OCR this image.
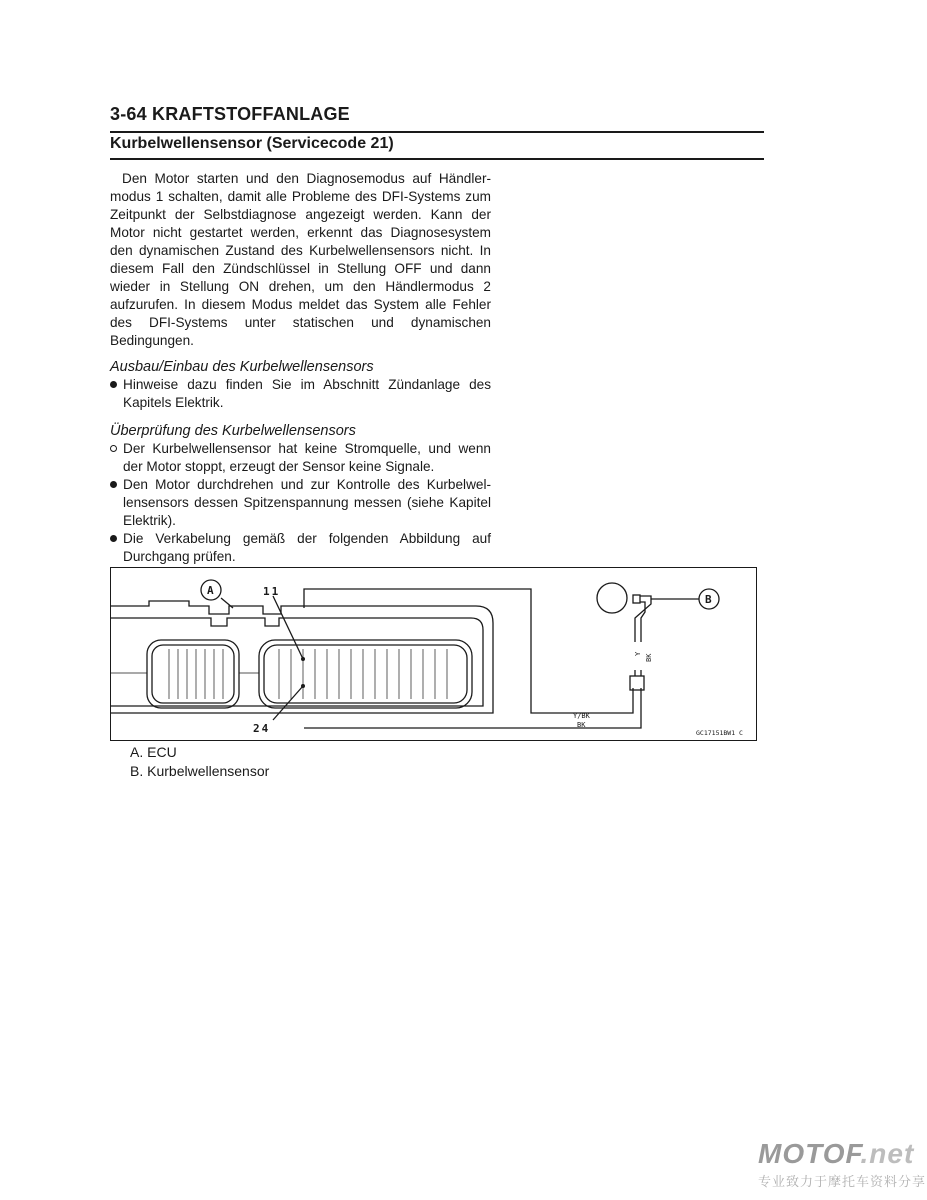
3-64 KRAFTSTOFFANLAGE
Kurbelwellensensor (Servicecode 21)

Den Motor starten und den Diagnosemodus auf Händlermodus 1 schalten, damit alle Probleme des DFI-Systems zum Zeitpunkt der Selbstdiagnose angezeigt werden. Kann der Motor nicht gestartet werden, erkennt das Diagnosesystem den dynamischen Zustand des Kurbelwellensensors nicht. In diesem Fall den Zündschlüssel in Stellung OFF und dann wieder in Stellung ON drehen, um den Händlermodus 2 aufzurufen. In diesem Modus meldet das System alle Fehler des DFI-Systems unter statischen und dynamischen Bedingungen.

Ausbau/Einbau des Kurbelwellensensors

Hinweise dazu finden Sie im Abschnitt Zündanlage des Kapitels Elektrik.

Überprüfung des Kurbelwellensensors

Der Kurbelwellensensor hat keine Stromquelle, und wenn der Motor stoppt, erzeugt der Sensor keine Signale.

Den Motor durchdrehen und zur Kontrolle des Kurbelwellensensors dessen Spitzenspannung messen (siehe Kapitel Elektrik).

Die Verkabelung gemäß der folgenden Abbildung auf Durchgang prüfen.

A
B
11
24
Y BK
Y/BK
BK
GC17151BW1 C
A. ECU
B. Kurbelwellensensor
MOTOF.net
专业致力于摩托车资料分享
